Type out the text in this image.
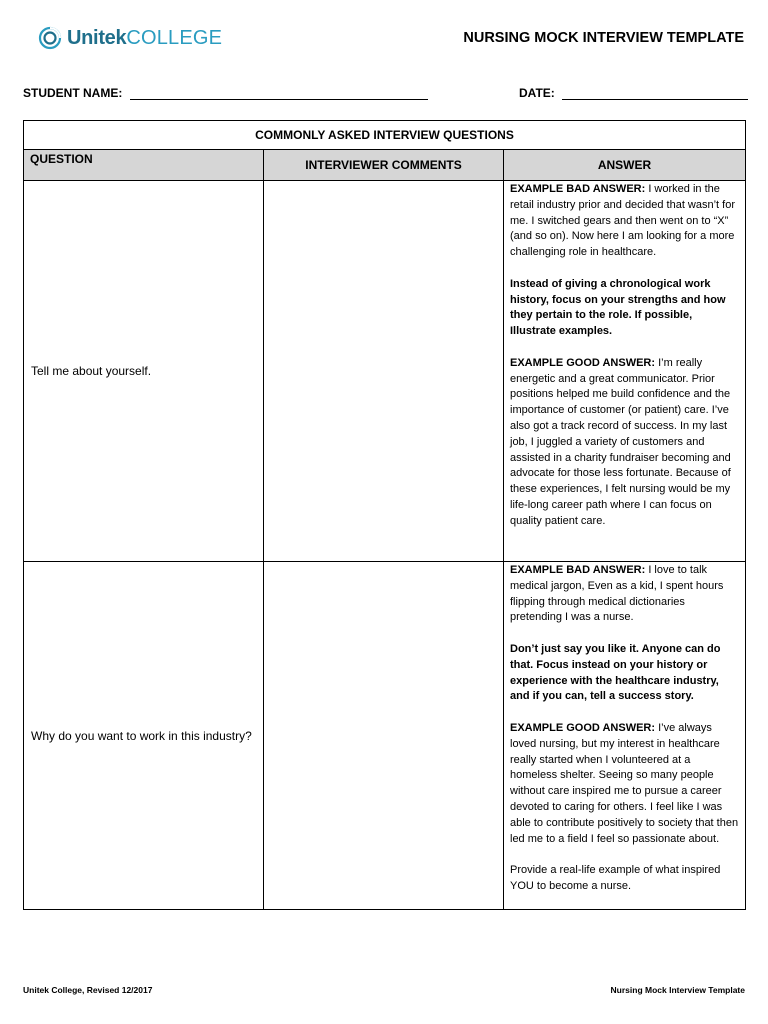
Unitek COLLEGE	NURSING MOCK INTERVIEW TEMPLATE
STUDENT NAME:	DATE:
COMMONLY ASKED INTERVIEW QUESTIONS		
QUESTION	INTERVIEWER COMMENTS	ANSWER
Tell me about yourself.		EXAMPLE BAD ANSWER: I worked in the retail industry prior and decided that wasn’t for me. I switched gears and then went on to “X” (and so on). Now here I am looking for a more challenging role in healthcare.

Instead of giving a chronological work history, focus on your strengths and how they pertain to the role. If possible, Illustrate examples.

EXAMPLE GOOD ANSWER: I’m really energetic and a great communicator. Prior positions helped me build confidence and the importance of customer (or patient) care. I’ve also got a track record of success. In my last job, I juggled a variety of customers and assisted in a charity fundraiser becoming and advocate for those less fortunate. Because of these experiences, I felt nursing would be my life-long career path where I can focus on quality patient care.

Why do you want to work in this industry?		EXAMPLE BAD ANSWER: I love to talk medical jargon, Even as a kid, I spent hours flipping through medical dictionaries pretending I was a nurse.

Don’t just say you like it. Anyone can do that. Focus instead on your history or experience with the healthcare industry, and if you can, tell a success story.

EXAMPLE GOOD ANSWER: I’ve always loved nursing, but my interest in healthcare really started when I volunteered at a homeless shelter. Seeing so many people without care inspired me to pursue a career devoted to caring for others. I feel like I was able to contribute positively to society that then led me to a field I feel so passionate about.

Provide a real-life example of what inspired YOU to become a nurse.

Unitek College, Revised 12/2017	Nursing Mock Interview Template
